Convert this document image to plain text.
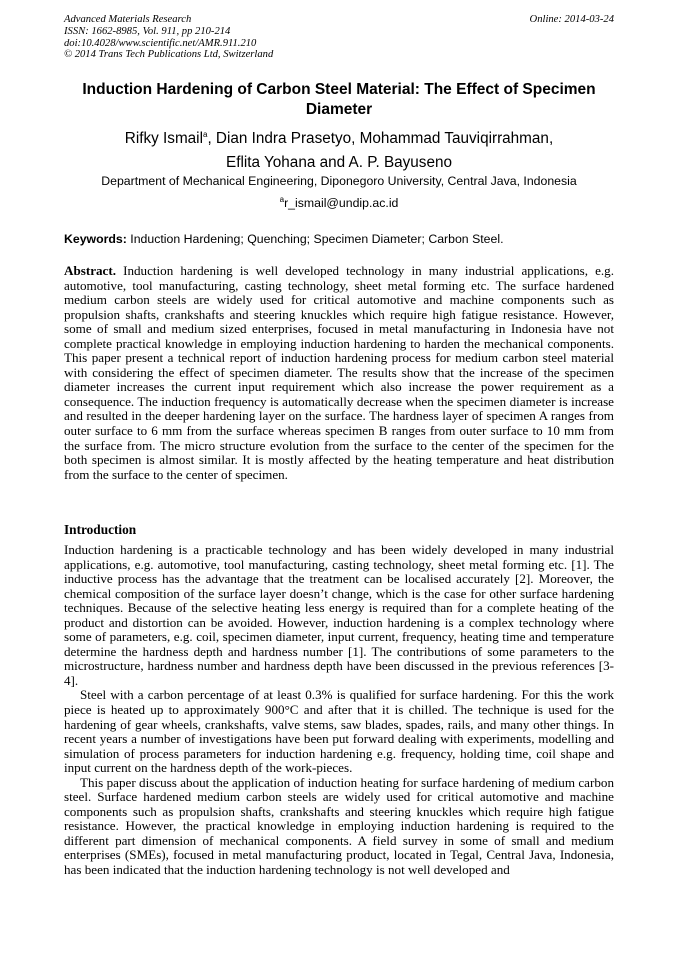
Advanced Materials Research
ISSN: 1662-8985, Vol. 911, pp 210-214
doi:10.4028/www.scientific.net/AMR.911.210
© 2014 Trans Tech Publications Ltd, Switzerland
Online: 2014-03-24
Induction Hardening of Carbon Steel Material: The Effect of Specimen Diameter
Rifky Ismail$^a$, Dian Indra Prasetyo, Mohammad Tauviqirrahman,
Eflita Yohana and A. P. Bayuseno
Department of Mechanical Engineering, Diponegoro University, Central Java, Indonesia
$^a$r_ismail@undip.ac.id
Keywords: Induction Hardening; Quenching; Specimen Diameter; Carbon Steel.
Abstract. Induction hardening is well developed technology in many industrial applications, e.g. automotive, tool manufacturing, casting technology, sheet metal forming etc. The surface hardened medium carbon steels are widely used for critical automotive and machine components such as propulsion shafts, crankshafts and steering knuckles which require high fatigue resistance. However, some of small and medium sized enterprises, focused in metal manufacturing in Indonesia have not complete practical knowledge in employing induction hardening to harden the mechanical components. This paper present a technical report of induction hardening process for medium carbon steel material with considering the effect of specimen diameter. The results show that the increase of the specimen diameter increases the current input requirement which also increase the power requirement as a consequence. The induction frequency is automatically decrease when the specimen diameter is increase and resulted in the deeper hardening layer on the surface. The hardness layer of specimen A ranges from outer surface to 6 mm from the surface whereas specimen B ranges from outer surface to 10 mm from the surface from. The micro structure evolution from the surface to the center of the specimen for the both specimen is almost similar. It is mostly affected by the heating temperature and heat distribution from the surface to the center of specimen.
Introduction

Induction hardening is a practicable technology and has been widely developed in many industrial applications, e.g. automotive, tool manufacturing, casting technology, sheet metal forming etc. [1]. The inductive process has the advantage that the treatment can be localised accurately [2]. Moreover, the chemical composition of the surface layer doesn’t change, which is the case for other surface hardening techniques. Because of the selective heating less energy is required than for a complete heating of the product and distortion can be avoided. However, induction hardening is a complex technology where some of parameters, e.g. coil, specimen diameter, input current, frequency, heating time and temperature determine the hardness depth and hardness number [1]. The contributions of some parameters to the microstructure, hardness number and hardness depth have been discussed in the previous references [3-4].

Steel with a carbon percentage of at least 0.3% is qualified for surface hardening. For this the work piece is heated up to approximately 900°C and after that it is chilled. The technique is used for the hardening of gear wheels, crankshafts, valve stems, saw blades, spades, rails, and many other things. In recent years a number of investigations have been put forward dealing with experiments, modelling and simulation of process parameters for induction hardening e.g. frequency, holding time, coil shape and input current on the hardness depth of the work-pieces.

This paper discuss about the application of induction heating for surface hardening of medium carbon steel. Surface hardened medium carbon steels are widely used for critical automotive and machine components such as propulsion shafts, crankshafts and steering knuckles which require high fatigue resistance. However, the practical knowledge in employing induction hardening is required to the different part dimension of mechanical components. A field survey in some of small and medium enterprises (SMEs), focused in metal manufacturing product, located in Tegal, Central Java, Indonesia, has been indicated that the induction hardening technology is not well developed and
